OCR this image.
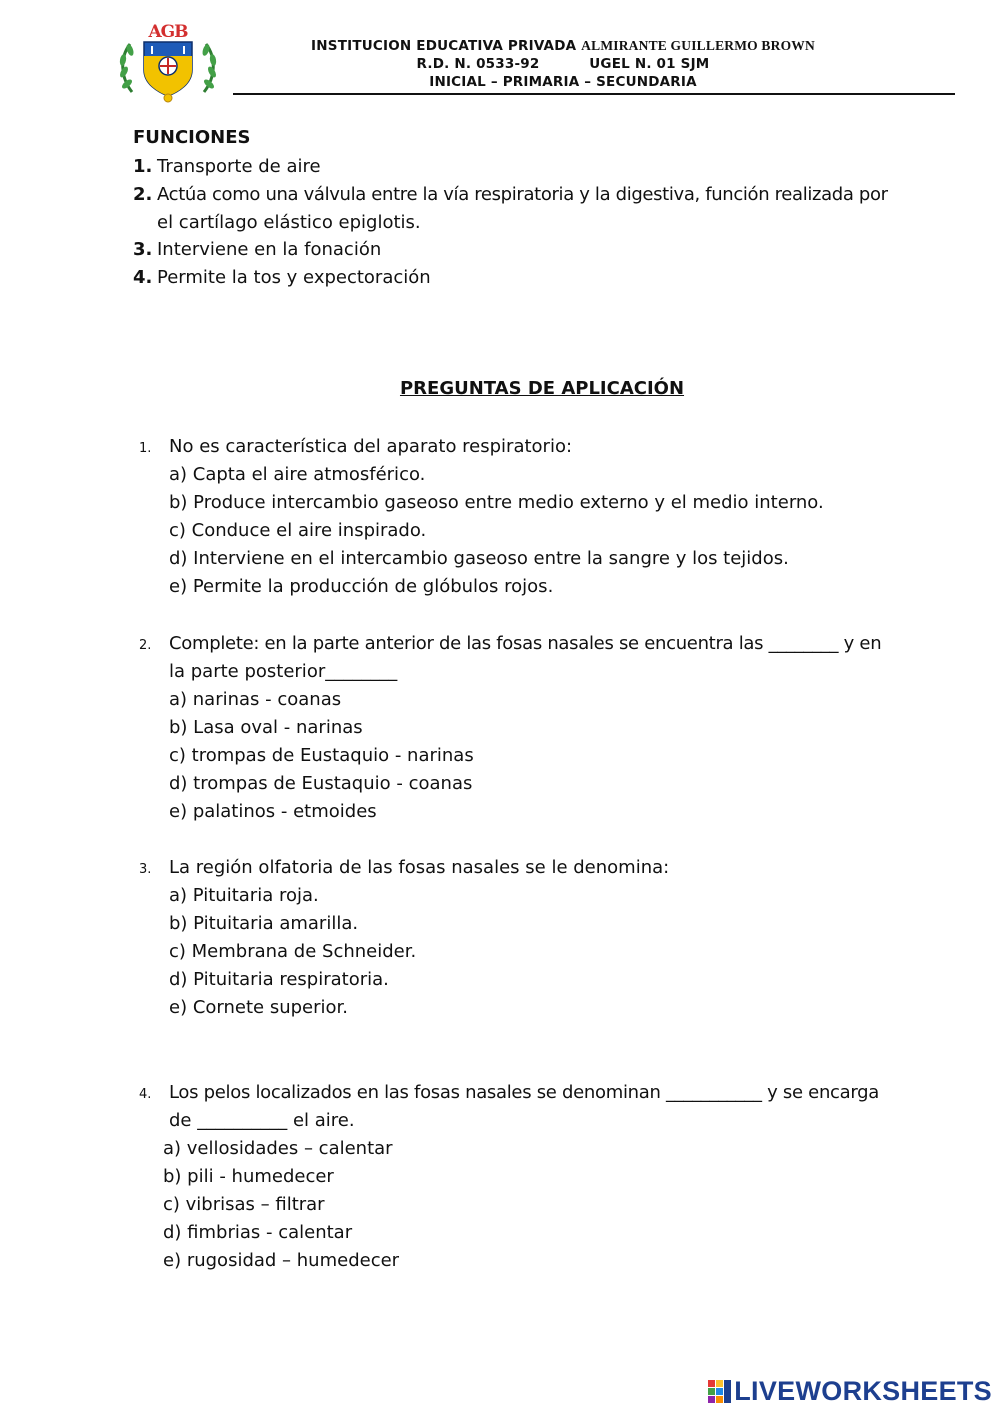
AGB
INSTITUCION EDUCATIVA PRIVADA ALMIRANTE GUILLERMO BROWN
R.D. N. 0533-92	UGEL N. 01 SJM
INICIAL – PRIMARIA – SECUNDARIA
FUNCIONES
1. Transporte de aire
2. Actúa como una válvula entre la vía respiratoria y la digestiva, función realizada por
el cartílago elástico epiglotis.
3. Interviene en la fonación
4. Permite la tos y expectoración
PREGUNTAS DE APLICACIÓN
1. No es característica del aparato respiratorio:
a) Capta el aire atmosférico.
b) Produce intercambio gaseoso entre medio externo y el medio interno.
c) Conduce el aire inspirado.
d) Interviene en el intercambio gaseoso entre la sangre y los tejidos.
e) Permite la producción de glóbulos rojos.
2. Complete: en la parte anterior de las fosas nasales se encuentra las ________ y en
la parte posterior________
a) narinas - coanas
b) Lasa oval - narinas
c) trompas de Eustaquio - narinas
d) trompas de Eustaquio - coanas
e) palatinos - etmoides
3. La región olfatoria de las fosas nasales se le denomina:
a) Pituitaria roja.
b) Pituitaria amarilla.
c) Membrana de Schneider.
d) Pituitaria respiratoria.
e) Cornete superior.
4. Los pelos localizados en las fosas nasales se denominan ___________ y se encarga
de __________ el aire.
a) vellosidades – calentar
b) pili - humedecer
c) vibrisas – filtrar
d) fimbrias - calentar
e) rugosidad – humedecer
LIVEWORKSHEETS
